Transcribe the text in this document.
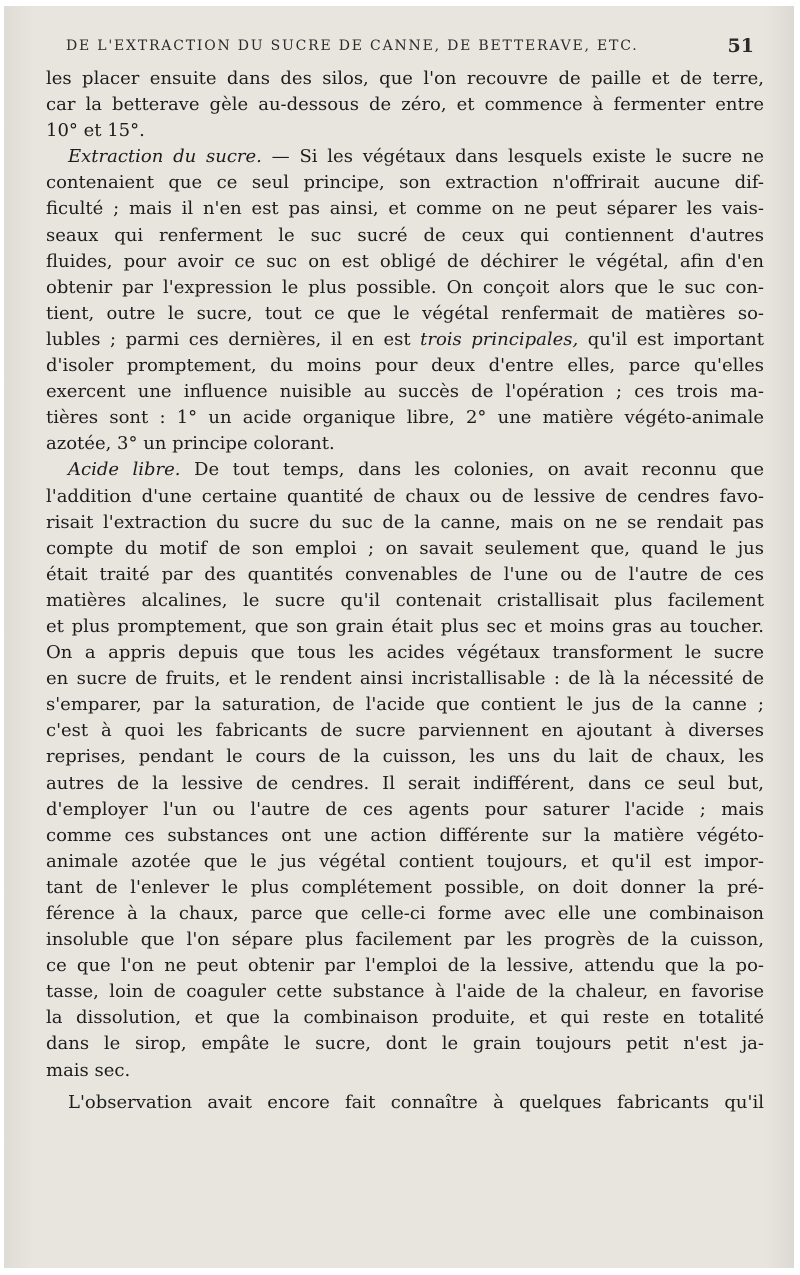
DE L'EXTRACTION DU SUCRE DE CANNE, DE BETTERAVE, ETC.	51
les placer ensuite dans des silos, que l'on recouvre de paille et de terre,
car la betterave gèle au-dessous de zéro, et commence à fermenter entre
10° et 15°.
Extraction du sucre. — Si les végétaux dans lesquels existe le sucre ne
contenaient que ce seul principe, son extraction n'offrirait aucune dif-
ficulté ; mais il n'en est pas ainsi, et comme on ne peut séparer les vais-
seaux qui renferment le suc sucré de ceux qui contiennent d'autres
fluides, pour avoir ce suc on est obligé de déchirer le végétal, afin d'en
obtenir par l'expression le plus possible. On conçoit alors que le suc con-
tient, outre le sucre, tout ce que le végétal renfermait de matières so-
lubles ; parmi ces dernières, il en est trois principales, qu'il est important
d'isoler promptement, du moins pour deux d'entre elles, parce qu'elles
exercent une influence nuisible au succès de l'opération ; ces trois ma-
tières sont : 1° un acide organique libre, 2° une matière végéto-animale
azotée, 3° un principe colorant.
Acide libre. De tout temps, dans les colonies, on avait reconnu que
l'addition d'une certaine quantité de chaux ou de lessive de cendres favo-
risait l'extraction du sucre du suc de la canne, mais on ne se rendait pas
compte du motif de son emploi ; on savait seulement que, quand le jus
était traité par des quantités convenables de l'une ou de l'autre de ces
matières alcalines, le sucre qu'il contenait cristallisait plus facilement
et plus promptement, que son grain était plus sec et moins gras au toucher.
On a appris depuis que tous les acides végétaux transforment le sucre
en sucre de fruits, et le rendent ainsi incristallisable : de là la nécessité de
s'emparer, par la saturation, de l'acide que contient le jus de la canne ;
c'est à quoi les fabricants de sucre parviennent en ajoutant à diverses
reprises, pendant le cours de la cuisson, les uns du lait de chaux, les
autres de la lessive de cendres. Il serait indifférent, dans ce seul but,
d'employer l'un ou l'autre de ces agents pour saturer l'acide ; mais
comme ces substances ont une action différente sur la matière végéto-
animale azotée que le jus végétal contient toujours, et qu'il est impor-
tant de l'enlever le plus complétement possible, on doit donner la pré-
férence à la chaux, parce que celle-ci forme avec elle une combinaison
insoluble que l'on sépare plus facilement par les progrès de la cuisson,
ce que l'on ne peut obtenir par l'emploi de la lessive, attendu que la po-
tasse, loin de coaguler cette substance à l'aide de la chaleur, en favorise
la dissolution, et que la combinaison produite, et qui reste en totalité
dans le sirop, empâte le sucre, dont le grain toujours petit n'est ja-
mais sec.
L'observation avait encore fait connaître à quelques fabricants qu'il
